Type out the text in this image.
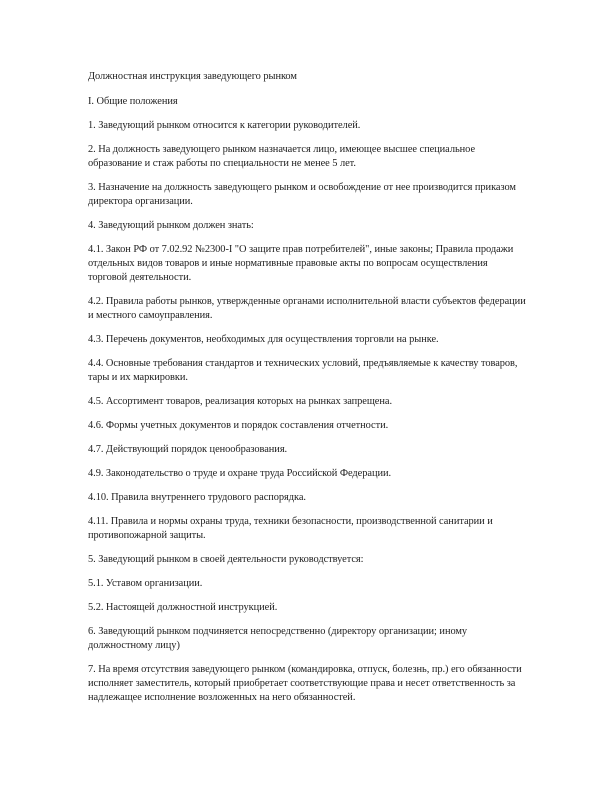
Должностная инструкция заведующего рынком
I. Общие положения
1. Заведующий рынком относится к категории руководителей.
2. На должность заведующего рынком назначается лицо, имеющее высшее специальное образование и стаж работы по специальности не менее 5 лет.
3. Назначение на должность заведующего рынком и освобождение от нее производится приказом директора организации.
4. Заведующий рынком должен знать:
4.1. Закон РФ от 7.02.92 №2300-I "О защите прав потребителей", иные законы; Правила продажи отдельных видов товаров и иные нормативные правовые акты по вопросам осуществления торговой деятельности.
4.2. Правила работы рынков, утвержденные органами исполнительной власти субъектов федерации и местного самоуправления.
4.3. Перечень документов, необходимых для осуществления торговли на рынке.
4.4. Основные требования стандартов и технических условий, предъявляемые к качеству товаров, тары и их маркировки.
4.5. Ассортимент товаров, реализация которых на рынках запрещена.
4.6. Формы учетных документов и порядок составления отчетности.
4.7. Действующий порядок ценообразования.
4.9. Законодательство о труде и охране труда Российской Федерации.
4.10. Правила внутреннего трудового распорядка.
4.11. Правила и нормы охраны труда, техники безопасности, производственной санитарии и противопожарной защиты.
5. Заведующий рынком в своей деятельности руководствуется:
5.1. Уставом организации.
5.2. Настоящей должностной инструкцией.
6. Заведующий рынком подчиняется непосредственно (директору организации; иному должностному лицу)
7. На время отсутствия заведующего рынком (командировка, отпуск, болезнь, пр.) его обязанности исполняет заместитель, который приобретает соответствующие права и несет ответственность за надлежащее исполнение возложенных на него обязанностей.
